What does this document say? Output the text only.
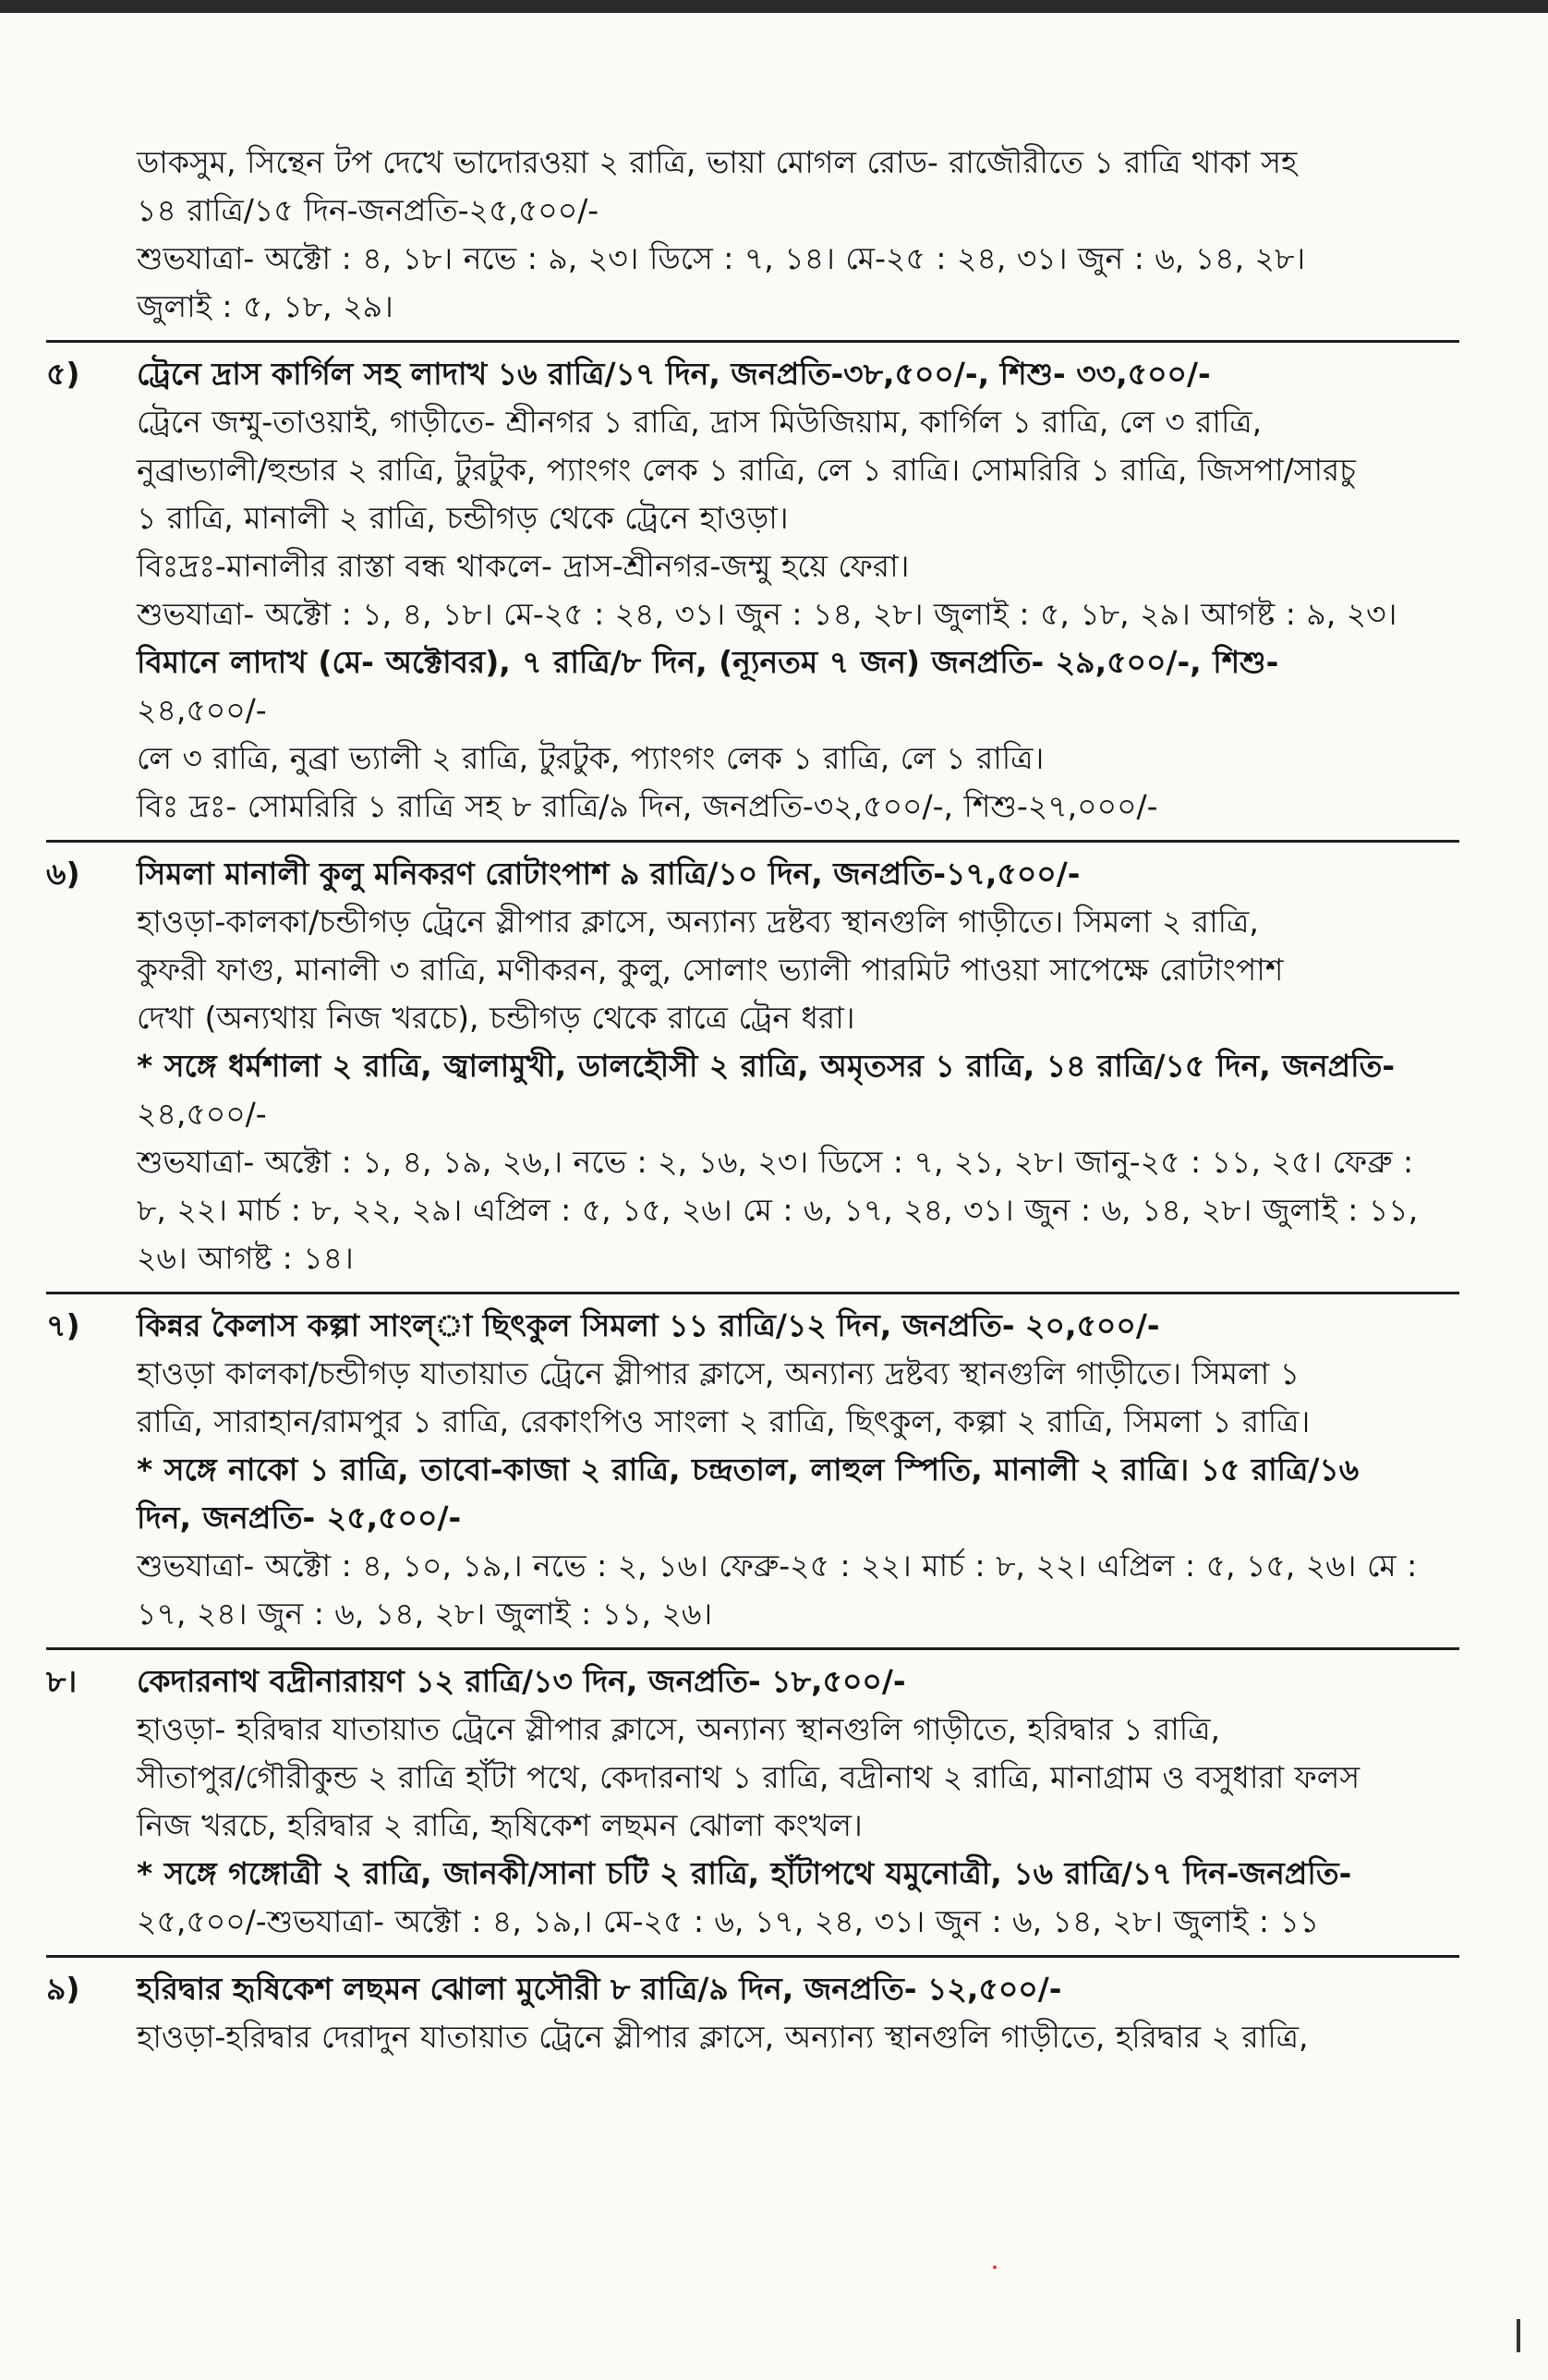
ডাকসুম, সিন্থেন টপ দেখে ভাদোরওয়া ২ রাত্রি, ভায়া মোগল রোড- রাজৌরীতে ১ রাত্রি থাকা সহ
১৪ রাত্রি/১৫ দিন-জনপ্রতি-২৫,৫০০/-
শুভযাত্রা- অক্টো : ৪, ১৮। নভে : ৯, ২৩। ডিসে : ৭, ১৪। মে-২৫ : ২৪, ৩১। জুন : ৬, ১৪, ২৮।
জুলাই : ৫, ১৮, ২৯।
৫) ট্রেনে দ্রাস কার্গিল সহ লাদাখ ১৬ রাত্রি/১৭ দিন, জনপ্রতি-৩৮,৫০০/-, শিশু- ৩৩,৫০০/-
ট্রেনে জম্মু-তাওয়াই, গাড়ীতে- শ্রীনগর ১ রাত্রি, দ্রাস মিউজিয়াম, কার্গিল ১ রাত্রি, লে ৩ রাত্রি,
নুব্রাভ্যালী/হুন্ডার ২ রাত্রি, টুরটুক, প্যাংগং লেক ১ রাত্রি, লে ১ রাত্রি। সোমরিরি ১ রাত্রি, জিসপা/সারচু
১ রাত্রি, মানালী ২ রাত্রি, চন্ডীগড় থেকে ট্রেনে হাওড়া।
বিঃদ্রঃ-মানালীর রাস্তা বন্ধ থাকলে- দ্রাস-শ্রীনগর-জম্মু হয়ে ফেরা।
শুভযাত্রা- অক্টো : ১, ৪, ১৮। মে-২৫ : ২৪, ৩১। জুন : ১৪, ২৮। জুলাই : ৫, ১৮, ২৯। আগষ্ট : ৯, ২৩।
বিমানে লাদাখ (মে- অক্টোবর), ৭ রাত্রি/৮ দিন, (ন্যূনতম ৭ জন) জনপ্রতি- ২৯,৫০০/-, শিশু-
২৪,৫০০/-
লে ৩ রাত্রি, নুব্রা ভ্যালী ২ রাত্রি, টুরটুক, প্যাংগং লেক ১ রাত্রি, লে ১ রাত্রি।
বিঃ দ্রঃ- সোমরিরি ১ রাত্রি সহ ৮ রাত্রি/৯ দিন, জনপ্রতি-৩২,৫০০/-, শিশু-২৭,০০০/-
৬) সিমলা মানালী কুলু মনিকরণ রোটাংপাশ ৯ রাত্রি/১০ দিন, জনপ্রতি-১৭,৫০০/-
হাওড়া-কালকা/চন্ডীগড় ট্রেনে স্লীপার ক্লাসে, অন্যান্য দ্রষ্টব্য স্থানগুলি গাড়ীতে। সিমলা ২ রাত্রি,
কুফরী ফাগু, মানালী ৩ রাত্রি, মণীকরন, কুলু, সোলাং ভ্যালী পারমিট পাওয়া সাপেক্ষে রোটাংপাশ
দেখা (অন্যথায় নিজ খরচে), চন্ডীগড় থেকে রাত্রে ট্রেন ধরা।
* সঙ্গে ধর্মশালা ২ রাত্রি, জ্বালামুখী, ডালহৌসী ২ রাত্রি, অমৃতসর ১ রাত্রি, ১৪ রাত্রি/১৫ দিন, জনপ্রতি-
২৪,৫০০/-
শুভযাত্রা- অক্টো : ১, ৪, ১৯, ২৬,। নভে : ২, ১৬, ২৩। ডিসে : ৭, ২১, ২৮। জানু-২৫ : ১১, ২৫। ফেব্রু :
৮, ২২। মার্চ : ৮, ২২, ২৯। এপ্রিল : ৫, ১৫, ২৬। মে : ৬, ১৭, ২৪, ৩১। জুন : ৬, ১৪, ২৮। জুলাই : ১১,
২৬। আগষ্ট : ১৪।
৭) কিন্নর কৈলাস কল্পা সাংল্া ছিৎকুল সিমলা ১১ রাত্রি/১২ দিন, জনপ্রতি- ২০,৫০০/-
হাওড়া কালকা/চন্ডীগড় যাতায়াত ট্রেনে স্লীপার ক্লাসে, অন্যান্য দ্রষ্টব্য স্থানগুলি গাড়ীতে। সিমলা ১
রাত্রি, সারাহান/রামপুর ১ রাত্রি, রেকাংপিও সাংলা ২ রাত্রি, ছিৎকুল, কল্পা ২ রাত্রি, সিমলা ১ রাত্রি।
* সঙ্গে নাকো ১ রাত্রি, তাবো-কাজা ২ রাত্রি, চন্দ্রতাল, লাহুল স্পিতি, মানালী ২ রাত্রি। ১৫ রাত্রি/১৬
দিন, জনপ্রতি- ২৫,৫০০/-
শুভযাত্রা- অক্টো : ৪, ১০, ১৯,। নভে : ২, ১৬। ফেব্রু-২৫ : ২২। মার্চ : ৮, ২২। এপ্রিল : ৫, ১৫, ২৬। মে :
১৭, ২৪। জুন : ৬, ১৪, ২৮। জুলাই : ১১, ২৬।
৮। কেদারনাথ বদ্রীনারায়ণ ১২ রাত্রি/১৩ দিন, জনপ্রতি- ১৮,৫০০/-
হাওড়া- হরিদ্বার যাতায়াত ট্রেনে স্লীপার ক্লাসে, অন্যান্য স্থানগুলি গাড়ীতে, হরিদ্বার ১ রাত্রি,
সীতাপুর/গৌরীকুন্ড ২ রাত্রি হাঁটা পথে, কেদারনাথ ১ রাত্রি, বদ্রীনাথ ২ রাত্রি, মানাগ্রাম ও বসুধারা ফলস
নিজ খরচে, হরিদ্বার ২ রাত্রি, হৃষিকেশ লছমন ঝোলা কংখল।
* সঙ্গে গঙ্গোত্রী ২ রাত্রি, জানকী/সানা চটি ২ রাত্রি, হাঁটাপথে যমুনোত্রী, ১৬ রাত্রি/১৭ দিন-জনপ্রতি-
২৫,৫০০/-শুভযাত্রা- অক্টো : ৪, ১৯,। মে-২৫ : ৬, ১৭, ২৪, ৩১। জুন : ৬, ১৪, ২৮। জুলাই : ১১
৯) হরিদ্বার হৃষিকেশ লছমন ঝোলা মুসৌরী ৮ রাত্রি/৯ দিন, জনপ্রতি- ১২,৫০০/-
হাওড়া-হরিদ্বার দেরাদুন যাতায়াত ট্রেনে স্লীপার ক্লাসে, অন্যান্য স্থানগুলি গাড়ীতে, হরিদ্বার ২ রাত্রি,
